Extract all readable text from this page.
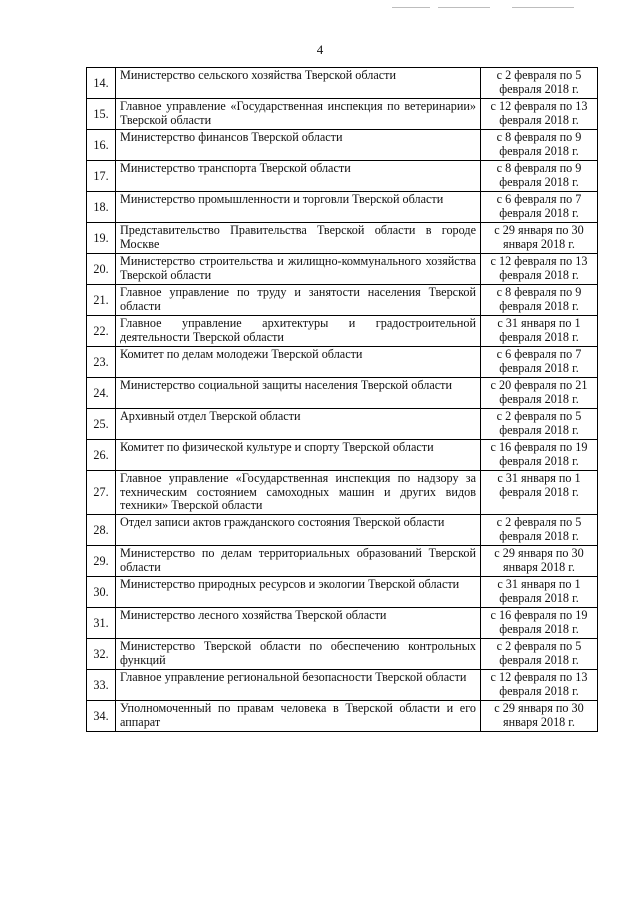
4
14.	Министерство сельского хозяйства Тверской области	с 2 февраля по 5 февраля 2018 г.
15.	Главное управление «Государственная инспекция по ветеринарии» Тверской области	с 12 февраля по 13 февраля 2018 г.
16.	Министерство финансов Тверской области	с 8 февраля по 9 февраля 2018 г.
17.	Министерство транспорта Тверской области	с 8 февраля по 9 февраля 2018 г.
18.	Министерство промышленности и торговли Тверской области	с 6 февраля по 7 февраля 2018 г.
19.	Представительство Правительства Тверской области в городе Москве	с 29 января по 30 января 2018 г.
20.	Министерство строительства и жилищно-коммунального хозяйства Тверской области	с 12 февраля по 13 февраля 2018 г.
21.	Главное управление по труду и занятости населения Тверской области	с 8 февраля по 9 февраля 2018 г.
22.	Главное управление архитектуры и градостроительной деятельности Тверской области	с 31 января по 1 февраля 2018 г.
23.	Комитет по делам молодежи Тверской области	с 6 февраля по 7 февраля 2018 г.
24.	Министерство социальной защиты населения Тверской области	с 20 февраля по 21 февраля 2018 г.
25.	Архивный отдел Тверской области	с 2 февраля по 5 февраля 2018 г.
26.	Комитет по физической культуре и спорту Тверской области	с 16 февраля по 19 февраля 2018 г.
27.	Главное управление «Государственная инспекция по надзору за техническим состоянием самоходных машин и других видов техники» Тверской области	с 31 января по 1 февраля 2018 г.
28.	Отдел записи актов гражданского состояния Тверской области	с 2 февраля по 5 февраля 2018 г.
29.	Министерство по делам территориальных образований Тверской области	с 29 января по 30 января 2018 г.
30.	Министерство природных ресурсов и экологии Тверской области	с 31 января по 1 февраля 2018 г.
31.	Министерство лесного хозяйства Тверской области	с 16 февраля по 19 февраля 2018 г.
32.	Министерство Тверской области по обеспечению контрольных функций	с 2 февраля по 5 февраля 2018 г.
33.	Главное управление региональной безопасности Тверской области	с 12 февраля по 13 февраля 2018 г.
34.	Уполномоченный по правам человека в Тверской области и его аппарат	с 29 января по 30 января 2018 г.
